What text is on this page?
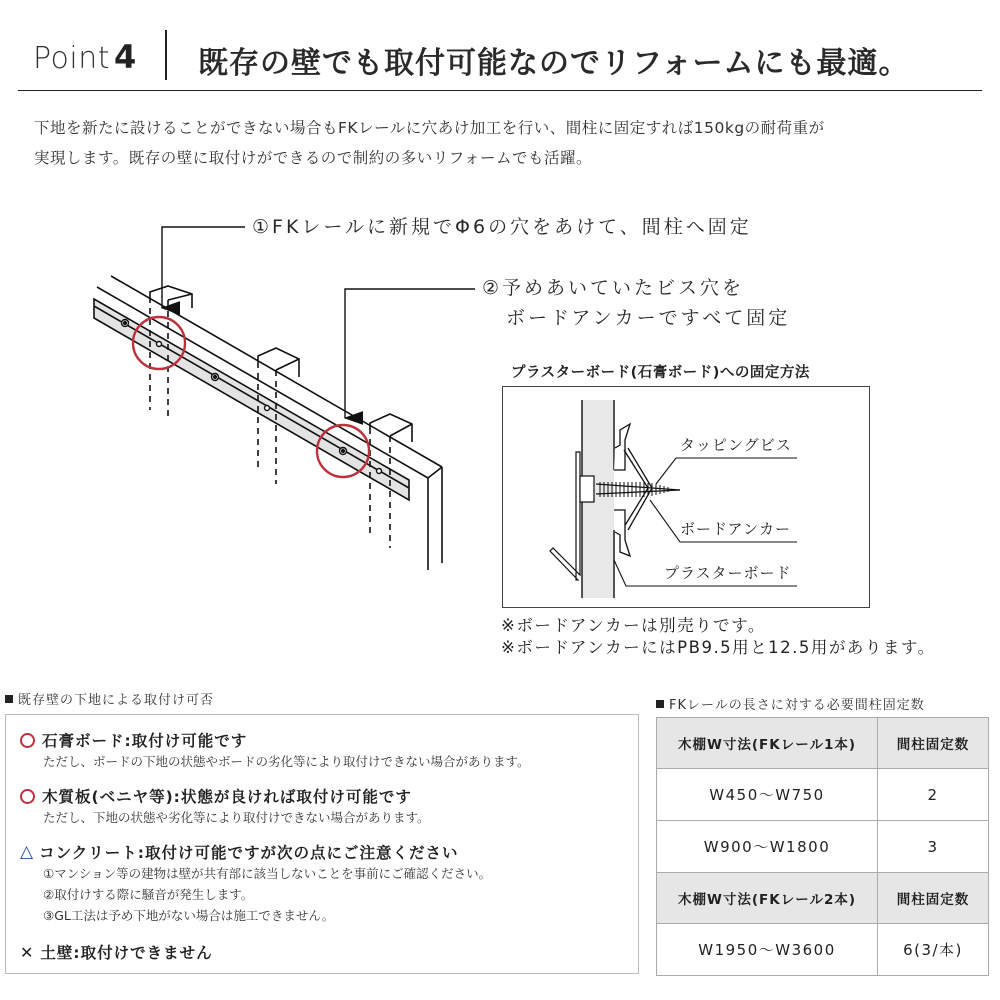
Point 4 既存の壁でも取付可能なのでリフォームにも最適。
下地を新たに設けることができない場合もFKレールに穴あけ加工を行い、間柱に固定すれば150kgの耐荷重が
実現します。既存の壁に取付けができるので制約の多いリフォームでも活躍。
①FKレールに新規でΦ6の穴をあけて、間柱へ固定
②予めあいていたビス穴を
ボードアンカーですべて固定
プラスターボード(石膏ボード)への固定方法
タッピングビス
ボードアンカー
プラスターボード
※ボードアンカーは別売りです。
※ボードアンカーにはPB9.5用と12.5用があります。
既存壁の下地による取付け可否
石膏ボード:取付け可能です
ただし、ボードの下地の状態やボードの劣化等により取付けできない場合があります。
木質板(ベニヤ等):状態が良ければ取付け可能です
ただし、下地の状態や劣化等により取付けできない場合があります。
△ コンクリート:取付け可能ですが次の点にご注意ください
①マンション等の建物は壁が共有部に該当しないことを事前にご確認ください。
②取付けする際に騒音が発生します。
③GL工法は予め下地がない場合は施工できません。
✕ 土壁:取付けできません
FKレールの長さに対する必要間柱固定数
木棚W寸法(FKレール1本)	間柱固定数
W450〜W750	2
W900〜W1800	3
木棚W寸法(FKレール2本)	間柱固定数
W1950〜W3600	6(3/本)
